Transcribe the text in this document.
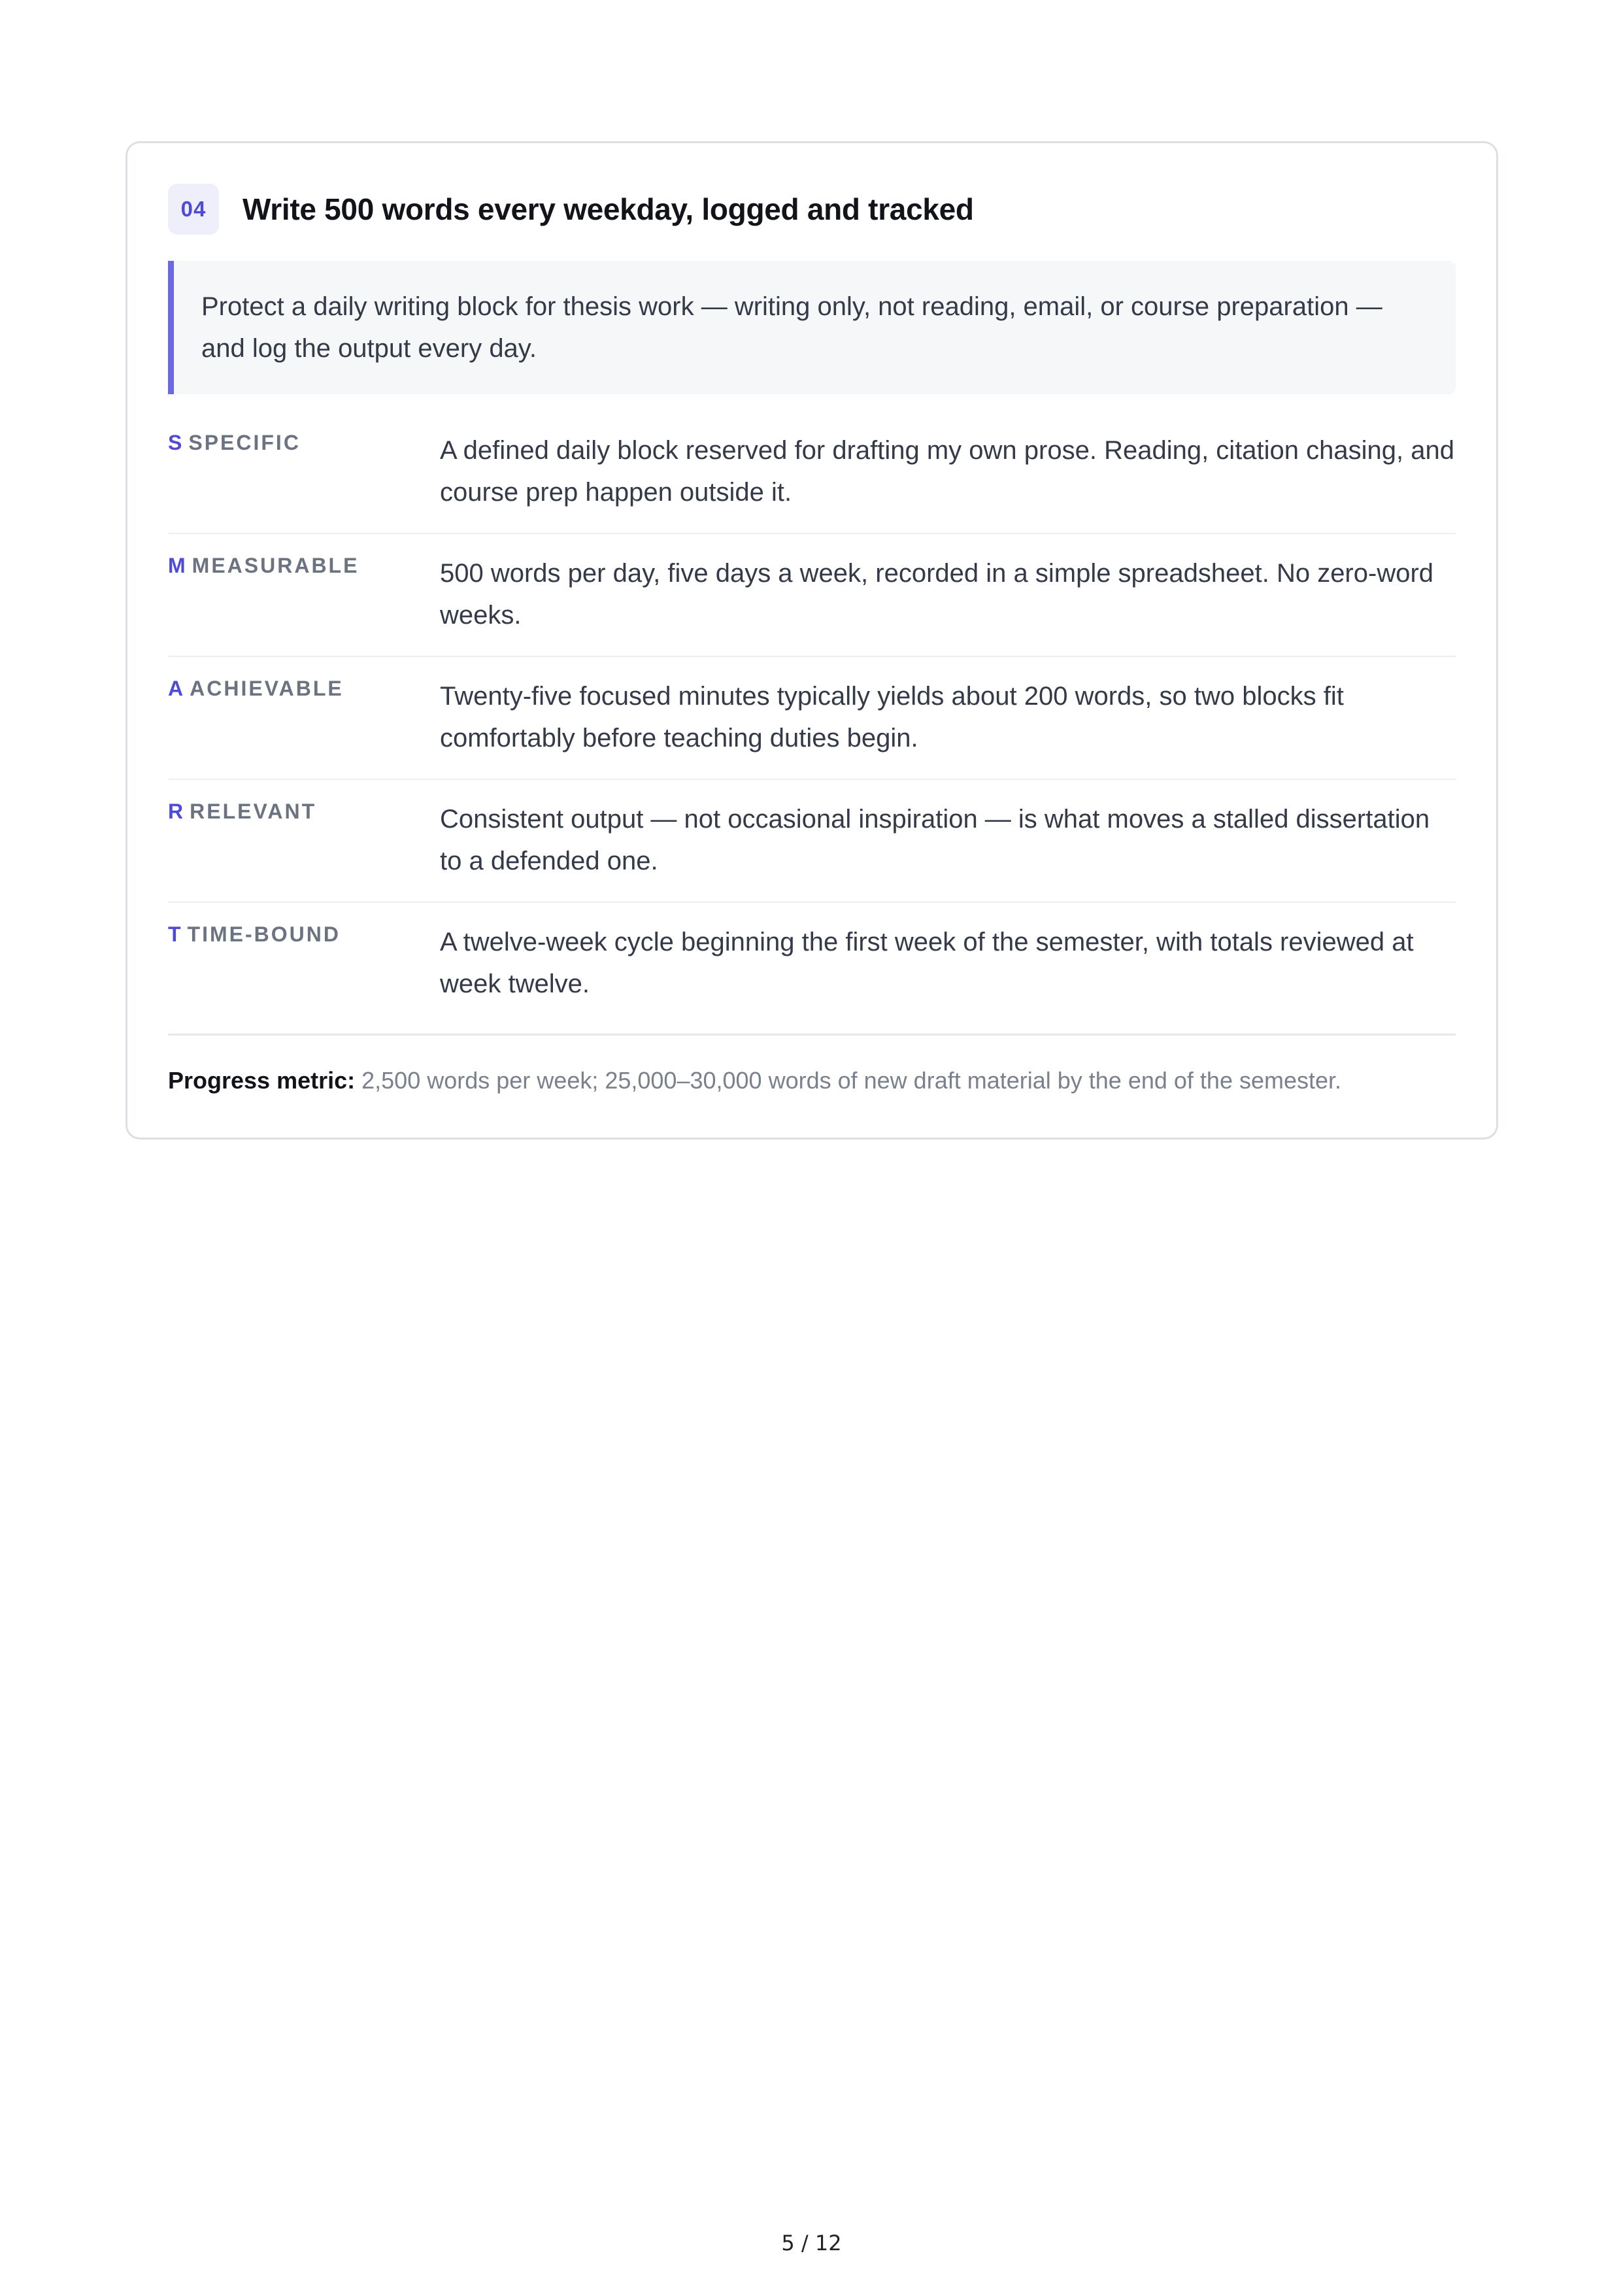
04	Write 500 words every weekday, logged and tracked
Protect a daily writing block for thesis work — writing only, not reading, email, or course preparation — and log the output every day.
S SPECIFIC	A defined daily block reserved for drafting my own prose. Reading, citation chasing, and course prep happen outside it.
M MEASURABLE	500 words per day, five days a week, recorded in a simple spreadsheet. No zero-word weeks.
A ACHIEVABLE	Twenty-five focused minutes typically yields about 200 words, so two blocks fit comfortably before teaching duties begin.
R RELEVANT	Consistent output — not occasional inspiration — is what moves a stalled dissertation to a defended one.
T TIME-BOUND	A twelve-week cycle beginning the first week of the semester, with totals reviewed at week twelve.
Progress metric: 2,500 words per week; 25,000–30,000 words of new draft material by the end of the semester.
5 / 12
